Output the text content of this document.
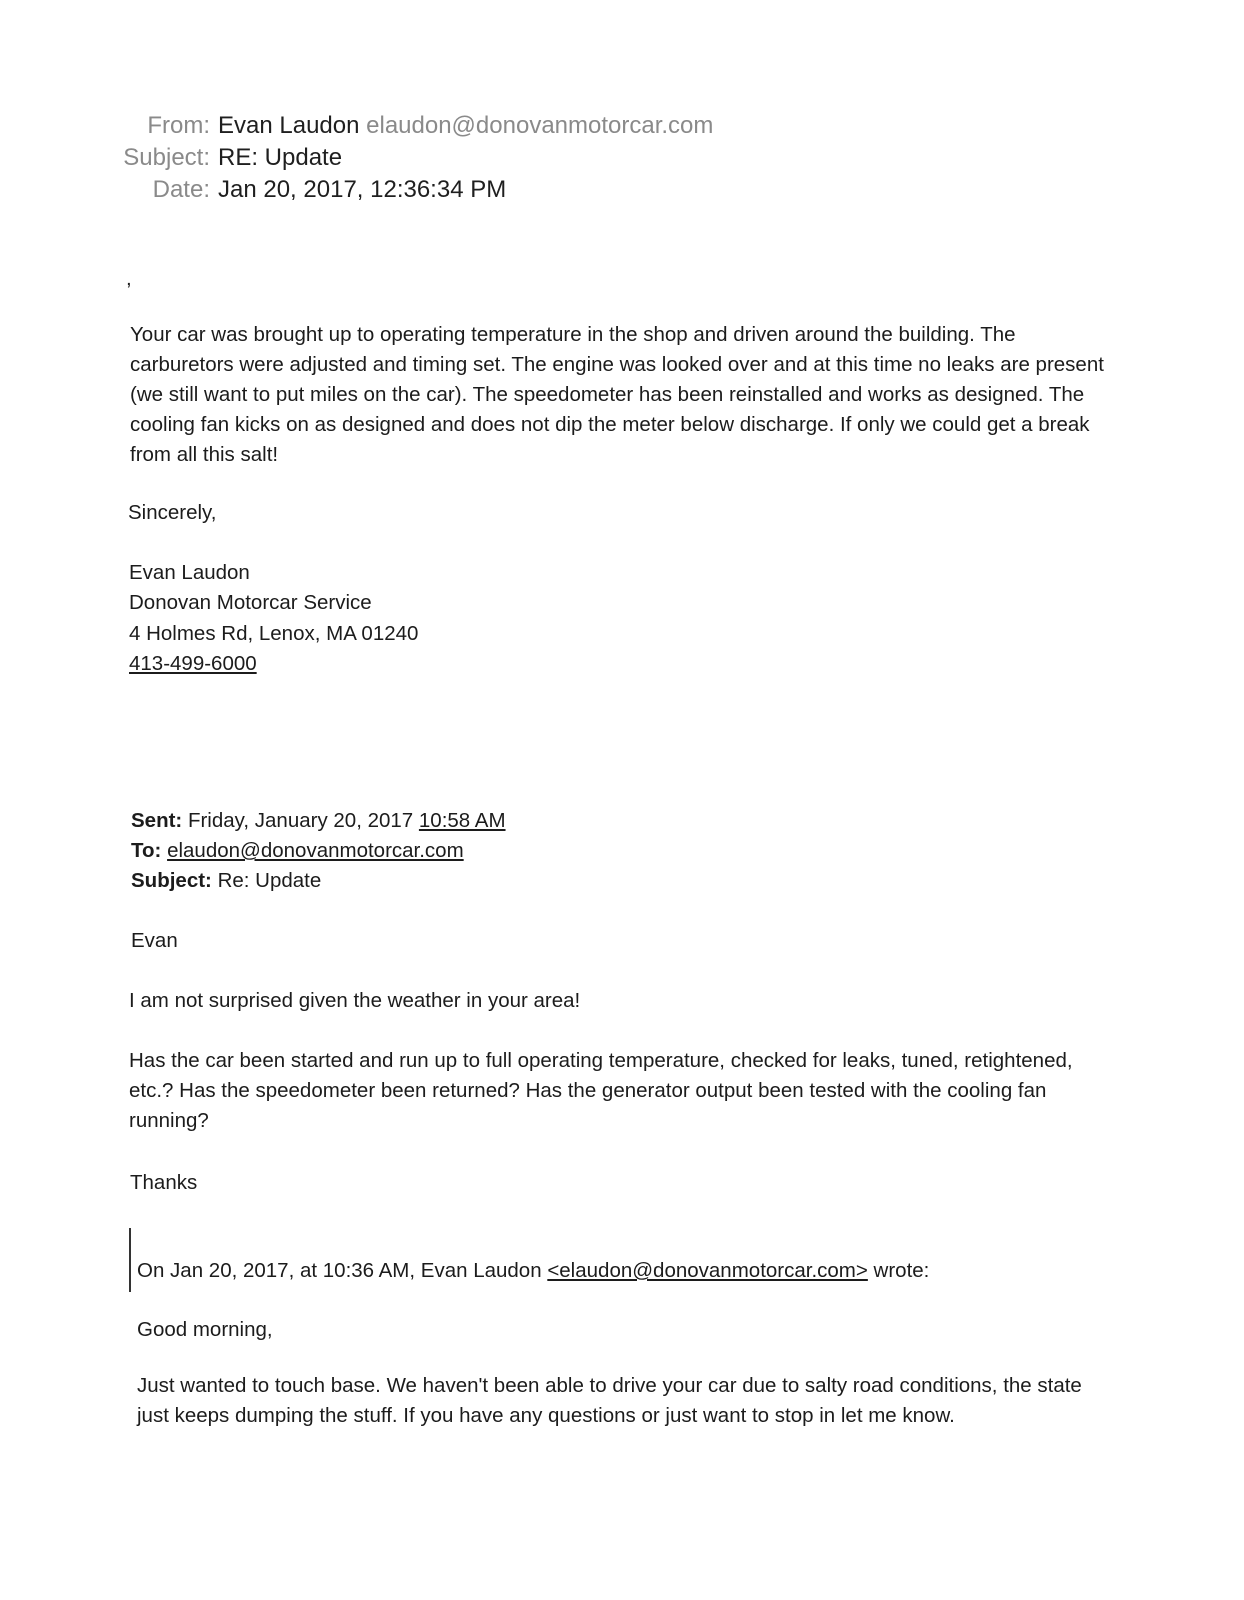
From: Evan Laudon elaudon@donovanmotorcar.com
Subject: RE: Update
Date: Jan 20, 2017, 12:36:34 PM
,
Your car was brought up to operating temperature in the shop and driven around the building. The carburetors were adjusted and timing set. The engine was looked over and at this time no leaks are present (we still want to put miles on the car). The speedometer has been reinstalled and works as designed. The cooling fan kicks on as designed and does not dip the meter below discharge. If only we could get a break from all this salt!
Sincerely,
Evan Laudon
Donovan Motorcar Service
4 Holmes Rd, Lenox, MA 01240
413-499-6000
Sent: Friday, January 20, 2017 10:58 AM
To: elaudon@donovanmotorcar.com
Subject: Re: Update
Evan
I am not surprised given the weather in your area!
Has the car been started and run up to full operating temperature, checked for leaks, tuned, retightened, etc.? Has the speedometer been returned? Has the generator output been tested with the cooling fan running?
Thanks
On Jan 20, 2017, at 10:36 AM, Evan Laudon <elaudon@donovanmotorcar.com> wrote:
Good morning,
Just wanted to touch base. We haven't been able to drive your car due to salty road conditions, the state just keeps dumping the stuff. If you have any questions or just want to stop in let me know.
